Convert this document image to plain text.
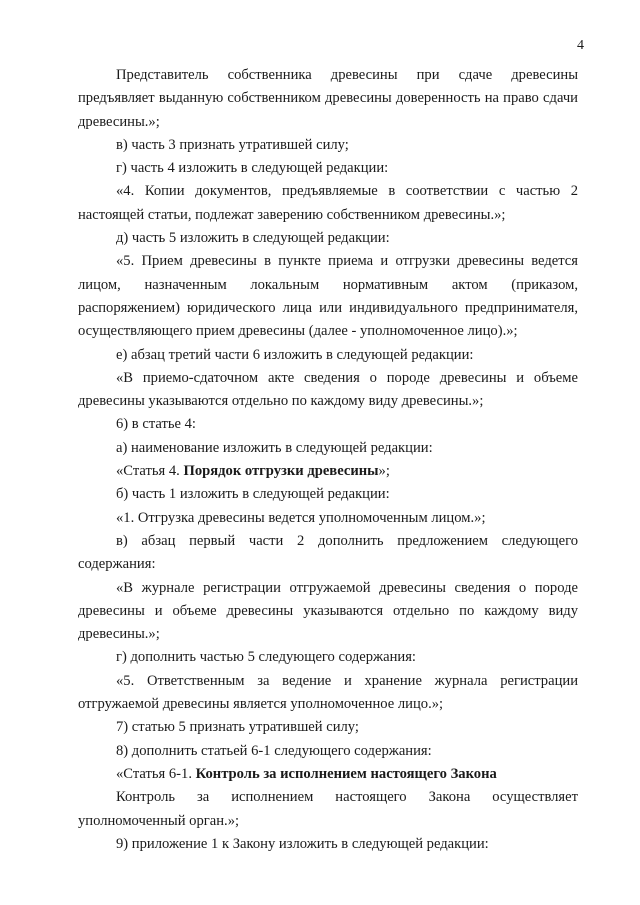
4

Представитель собственника древесины при сдаче древесины предъявляет выданную собственником древесины доверенность на право сдачи древесины.»;

в) часть 3 признать утратившей силу;

г) часть 4 изложить в следующей редакции:

«4. Копии документов, предъявляемые в соответствии с частью 2 настоящей статьи, подлежат заверению собственником древесины.»;

д) часть 5 изложить в следующей редакции:

«5. Прием древесины в пункте приема и отгрузки древесины ведется лицом, назначенным локальным нормативным актом (приказом, распоряжением) юридического лица или индивидуального предпринимателя, осуществляющего прием древесины (далее - уполномоченное лицо).»;

е) абзац третий части 6 изложить в следующей редакции:

«В приемо-сдаточном акте сведения о породе древесины и объеме древесины указываются отдельно по каждому виду древесины.»;

6) в статье 4:

а) наименование изложить в следующей редакции:

«Статья 4. Порядок отгрузки древесины»;

б) часть 1 изложить в следующей редакции:

«1. Отгрузка древесины ведется уполномоченным лицом.»;

в) абзац первый части 2 дополнить предложением следующего содержания:

«В журнале регистрации отгружаемой древесины сведения о породе древесины и объеме древесины указываются отдельно по каждому виду древесины.»;

г) дополнить частью 5 следующего содержания:

«5. Ответственным за ведение и хранение журнала регистрации отгружаемой древесины является уполномоченное лицо.»;

7) статью 5 признать утратившей силу;

8) дополнить статьей 6-1 следующего содержания:

«Статья 6-1. Контроль за исполнением настоящего Закона

Контроль за исполнением настоящего Закона осуществляет уполномоченный орган.»;

9) приложение 1 к Закону изложить в следующей редакции:
